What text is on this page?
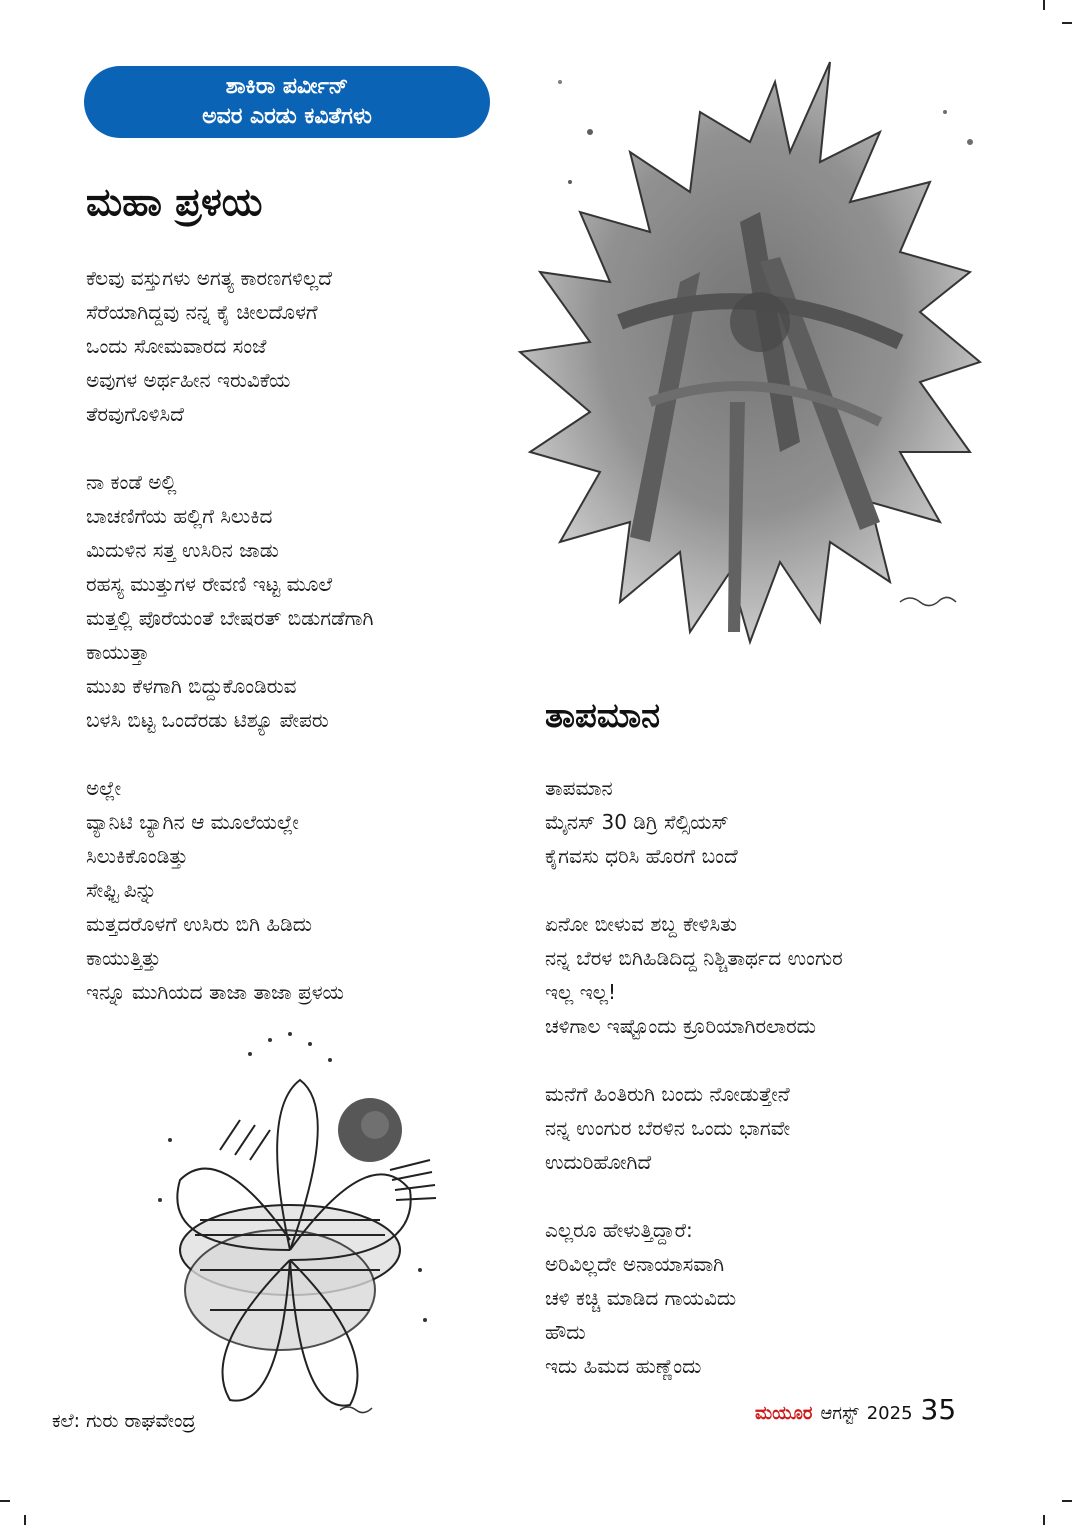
ಶಾಕಿರಾ ಪರ್ವೀನ್
ಅವರ ಎರಡು ಕವಿತೆಗಳು
ಮಹಾ ಪ್ರಳಯ
ಕೆಲವು ವಸ್ತುಗಳು ಅಗತ್ಯ ಕಾರಣಗಳಿಲ್ಲದೆ
ಸೆರೆಯಾಗಿದ್ದವು ನನ್ನ ಕೈ ಚೀಲದೊಳಗೆ
ಒಂದು ಸೋಮವಾರದ ಸಂಜೆ
ಅವುಗಳ ಅರ್ಥಹೀನ ಇರುವಿಕೆಯ
ತೆರವುಗೊಳಿಸಿದೆ
ನಾ ಕಂಡೆ ಅಲ್ಲಿ
ಬಾಚಣಿಗೆಯ ಹಲ್ಲಿಗೆ ಸಿಲುಕಿದ
ಮಿದುಳಿನ ಸತ್ತ ಉಸಿರಿನ ಜಾಡು
ರಹಸ್ಯ ಮುತ್ತುಗಳ ರೇವಣಿ ಇಟ್ಟ ಮೂಲೆ
ಮತ್ತಲ್ಲಿ ಪೊರೆಯಂತೆ ಬೇಷರತ್ ಬಿಡುಗಡೆಗಾಗಿ
ಕಾಯುತ್ತಾ
ಮುಖ ಕೆಳಗಾಗಿ ಬಿದ್ದುಕೊಂಡಿರುವ
ಬಳಸಿ ಬಿಟ್ಟ ಒಂದೆರಡು ಟಿಶ್ಯೂ ಪೇಪರು
ಅಲ್ಲೇ
ವ್ಯಾನಿಟಿ ಬ್ಯಾಗಿನ ಆ ಮೂಲೆಯಲ್ಲೇ
ಸಿಲುಕಿಕೊಂಡಿತ್ತು
ಸೇಫ್ಟಿ ಪಿನ್ನು
ಮತ್ತದರೊಳಗೆ ಉಸಿರು ಬಿಗಿ ಹಿಡಿದು
ಕಾಯುತ್ತಿತ್ತು
ಇನ್ನೂ ಮುಗಿಯದ ತಾಜಾ ತಾಜಾ ಪ್ರಳಯ
ತಾಪಮಾನ
ತಾಪಮಾನ
ಮೈನಸ್ 30 ಡಿಗ್ರಿ ಸೆಲ್ಸಿಯಸ್
ಕೈಗವಸು ಧರಿಸಿ ಹೊರಗೆ ಬಂದೆ
ಏನೋ ಬೀಳುವ ಶಬ್ದ ಕೇಳಿಸಿತು
ನನ್ನ ಬೆರಳ ಬಿಗಿಹಿಡಿದಿದ್ದ ನಿಶ್ಚಿತಾರ್ಥದ ಉಂಗುರ
ಇಲ್ಲ ಇಲ್ಲ!
ಚಳಿಗಾಲ ಇಷ್ಟೊಂದು ಕ್ರೂರಿಯಾಗಿರಲಾರದು
ಮನೆಗೆ ಹಿಂತಿರುಗಿ ಬಂದು ನೋಡುತ್ತೇನೆ
ನನ್ನ ಉಂಗುರ ಬೆರಳಿನ ಒಂದು ಭಾಗವೇ
ಉದುರಿಹೋಗಿದೆ
ಎಲ್ಲರೂ ಹೇಳುತ್ತಿದ್ದಾರೆ:
ಅರಿವಿಲ್ಲದೇ ಅನಾಯಾಸವಾಗಿ
ಚಳಿ ಕಚ್ಚಿ ಮಾಡಿದ ಗಾಯವಿದು
ಹೌದು
ಇದು ಹಿಮದ ಹುಣ್ಣೆಂದು
ಕಲೆ: ಗುರು ರಾಘವೇಂದ್ರ	ಮಯೂರ ಆಗಸ್ಟ್ 2025 35
